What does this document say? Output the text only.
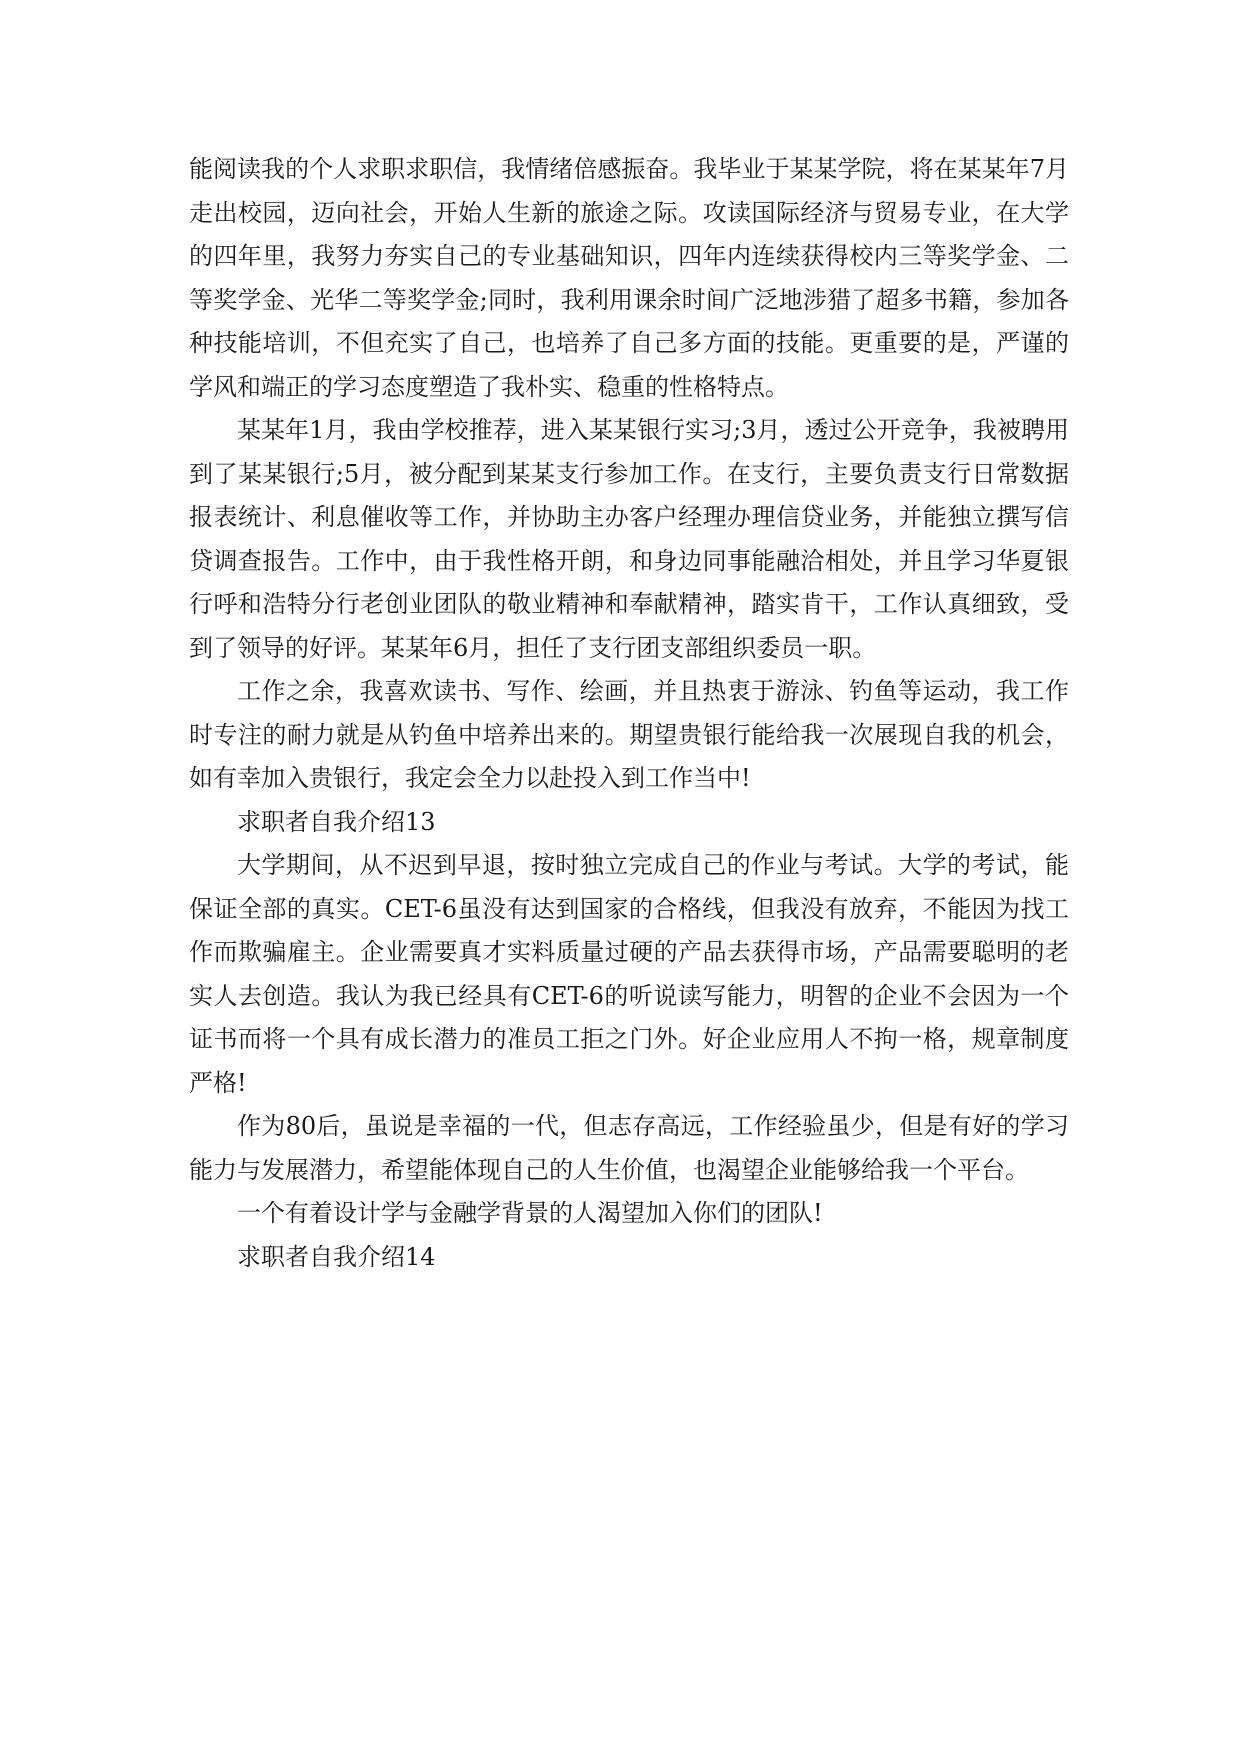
能阅读我的个人求职求职信，我情绪倍感振奋。我毕业于某某学院，将在某某年7月走出校园，迈向社会，开始人生新的旅途之际。攻读国际经济与贸易专业，在大学的四年里，我努力夯实自己的专业基础知识，四年内连续获得校内三等奖学金、二等奖学金、光华二等奖学金;同时，我利用课余时间广泛地涉猎了超多书籍，参加各种技能培训，不但充实了自己，也培养了自己多方面的技能。更重要的是，严谨的学风和端正的学习态度塑造了我朴实、稳重的性格特点。

某某年1月，我由学校推荐，进入某某银行实习;3月，透过公开竞争，我被聘用到了某某银行;5月，被分配到某某支行参加工作。在支行，主要负责支行日常数据报表统计、利息催收等工作，并协助主办客户经理办理信贷业务，并能独立撰写信贷调查报告。工作中，由于我性格开朗，和身边同事能融洽相处，并且学习华夏银行呼和浩特分行老创业团队的敬业精神和奉献精神，踏实肯干，工作认真细致，受到了领导的好评。某某年6月，担任了支行团支部组织委员一职。

工作之余，我喜欢读书、写作、绘画，并且热衷于游泳、钓鱼等运动，我工作时专注的耐力就是从钓鱼中培养出来的。期望贵银行能给我一次展现自我的机会，如有幸加入贵银行，我定会全力以赴投入到工作当中!

求职者自我介绍13

大学期间，从不迟到早退，按时独立完成自己的作业与考试。大学的考试，能保证全部的真实。CET-6虽没有达到国家的合格线，但我没有放弃，不能因为找工作而欺骗雇主。企业需要真才实料质量过硬的产品去获得市场，产品需要聪明的老实人去创造。我认为我已经具有CET-6的听说读写能力，明智的企业不会因为一个证书而将一个具有成长潜力的准员工拒之门外。好企业应用人不拘一格，规章制度严格!

作为80后，虽说是幸福的一代，但志存高远，工作经验虽少，但是有好的学习能力与发展潜力，希望能体现自己的人生价值，也渴望企业能够给我一个平台。

一个有着设计学与金融学背景的人渴望加入你们的团队!

求职者自我介绍14
